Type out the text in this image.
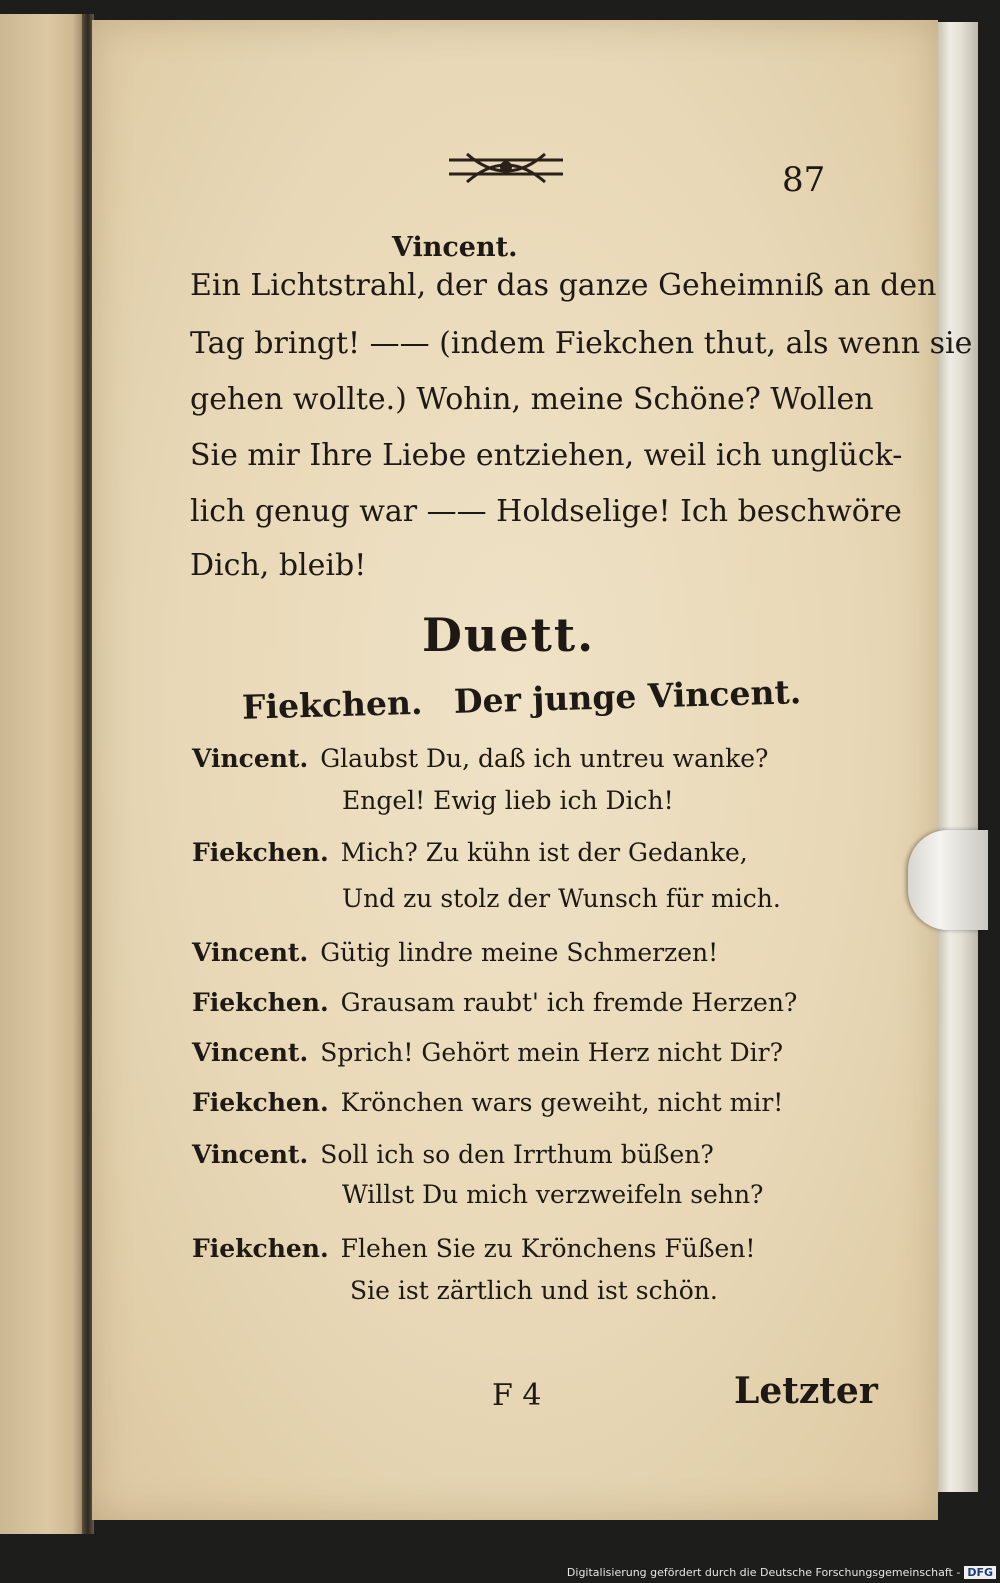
87
Vincent.
Ein Lichtstrahl, der das ganze Geheimniß an den
Tag bringt! —— (indem Fiekchen thut, als wenn sie
gehen wollte.) Wohin, meine Schöne? Wollen
Sie mir Ihre Liebe entziehen, weil ich unglück-
lich genug war —— Holdselige! Ich beschwöre
Dich, bleib!
Duett.
Fiekchen. Der junge Vincent.
Vincent. Glaubst Du, daß ich untreu wanke?
Engel! Ewig lieb ich Dich!
Fiekchen. Mich? Zu kühn ist der Gedanke,
Und zu stolz der Wunsch für mich.
Vincent. Gütig lindre meine Schmerzen!
Fiekchen. Grausam raubt' ich fremde Herzen?
Vincent. Sprich! Gehört mein Herz nicht Dir?
Fiekchen. Krönchen wars geweiht, nicht mir!
Vincent. Soll ich so den Irrthum büßen?
Willst Du mich verzweifeln sehn?
Fiekchen. Flehen Sie zu Krönchens Füßen!
Sie ist zärtlich und ist schön.
F 4	Letzter
Digitalisierung gefördert durch die Deutsche Forschungsgemeinschaft - DFG
